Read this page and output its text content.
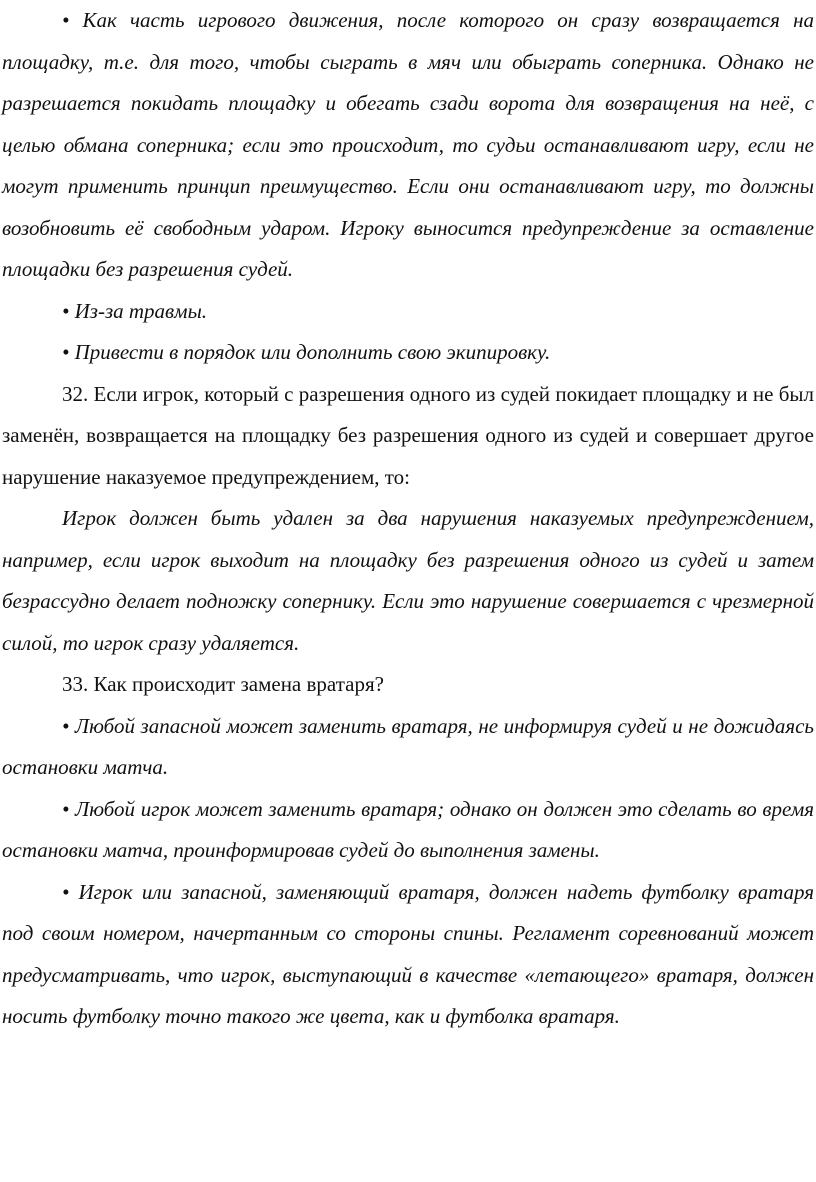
• Как часть игрового движения, после которого он сразу возвращается на площадку, т.е. для того, чтобы сыграть в мяч или обыграть соперника. Однако не разрешается покидать площадку и обегать сзади ворота для возвращения на неё, с целью обмана соперника; если это происходит, то судьи останавливают игру, если не могут применить принцип преимущество. Если они останавливают игру, то должны возобновить её свободным ударом. Игроку выносится предупреждение за оставление площадки без разрешения судей.

• Из-за травмы.

• Привести в порядок или дополнить свою экипировку.

32. Если игрок, который с разрешения одного из судей покидает площадку и не был заменён, возвращается на площадку без разрешения одного из судей и совершает другое нарушение наказуемое предупреждением, то:

Игрок должен быть удален за два нарушения наказуемых предупреждением, например, если игрок выходит на площадку без разрешения одного из судей и затем безрассудно делает подножку сопернику. Если это нарушение совершается с чрезмерной силой, то игрок сразу удаляется.

33. Как происходит замена вратаря?

• Любой запасной может заменить вратаря, не информируя судей и не дожидаясь остановки матча.

• Любой игрок может заменить вратаря; однако он должен это сделать во время остановки матча, проинформировав судей до выполнения замены.

• Игрок или запасной, заменяющий вратаря, должен надеть футболку вратаря под своим номером, начертанным со стороны спины. Регламент соревнований может предусматривать, что игрок, выступающий в качестве «летающего» вратаря, должен носить футболку точно такого же цвета, как и футболка вратаря.
